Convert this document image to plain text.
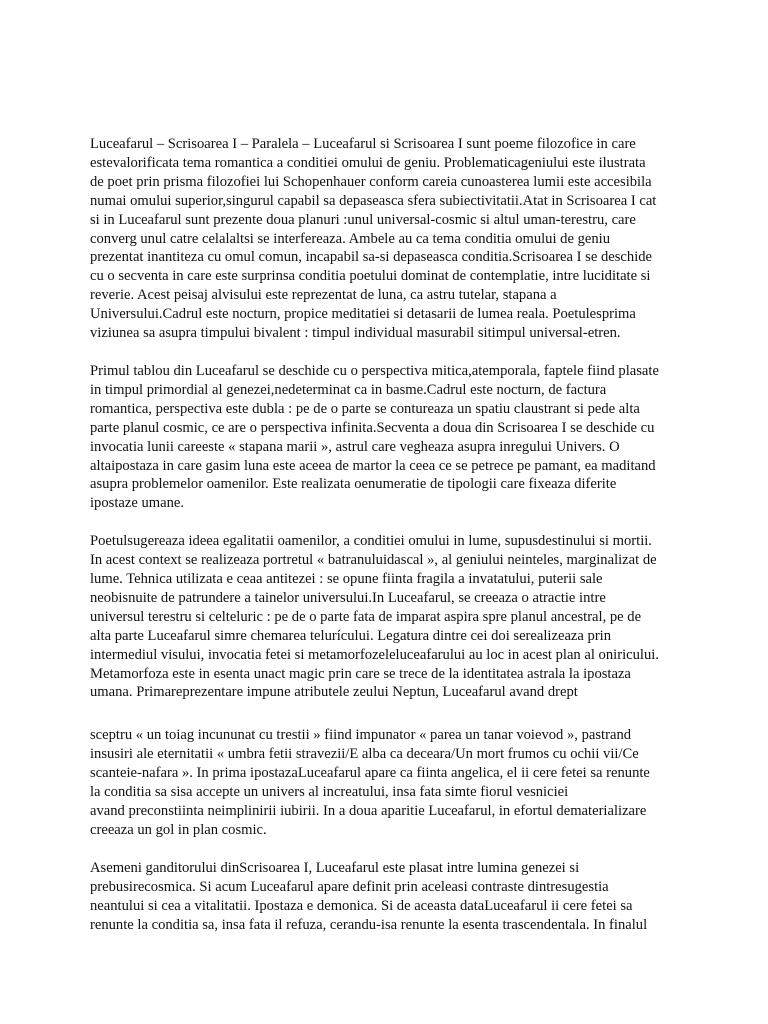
Luceafarul – Scrisoarea I – Paralela – Luceafarul si Scrisoarea I sunt poeme filozofice in care
estevalorificata tema romantica a conditiei omului de geniu. Problematicageniului este ilustrata
de poet prin prisma filozofiei lui Schopenhauer conform careia cunoasterea lumii este accesibila
numai omului superior,singurul capabil sa depaseasca sfera subiectivitatii.Atat in Scrisoarea I cat
si in Luceafarul sunt prezente doua planuri :unul universal-cosmic si altul uman-terestru, care
converg unul catre celalaltsi se interfereaza. Ambele au ca tema conditia omului de geniu
prezentat inantiteza cu omul comun, incapabil sa-si depaseasca conditia.Scrisoarea I se deschide
cu o secventa in care este surprinsa conditia poetului dominat de contemplatie, intre luciditate si
reverie. Acest peisaj alvisului este reprezentat de luna, ca astru tutelar, stapana a
Universului.Cadrul este nocturn, propice meditatiei si detasarii de lumea reala. Poetulesprima
viziunea sa asupra timpului bivalent : timpul individual masurabil sitimpul universal-etren.

Primul tablou din Luceafarul se deschide cu o perspectiva mitica,atemporala, faptele fiind plasate
in timpul primordial al genezei,nedeterminat ca in basme.Cadrul este nocturn, de factura
romantica, perspectiva este dubla : pe de o parte se contureaza un spatiu claustrant si pede alta
parte planul cosmic, ce are o perspectiva infinita.Secventa a doua din Scrisoarea I se deschide cu
invocatia lunii careeste « stapana marii », astrul care vegheaza asupra inregului Univers. O
altaipostaza in care gasim luna este aceea de martor la ceea ce se petrece pe pamant, ea maditand
asupra problemelor oamenilor. Este realizata oenumeratie de tipologii care fixeaza diferite
ipostaze umane.

Poetulsugereaza ideea egalitatii oamenilor, a conditiei omului in lume, supusdestinului si mortii.
In acest context se realizeaza portretul « batranuluidascal », al geniului neinteles, marginalizat de
lume. Tehnica utilizata e ceaa antitezei : se opune fiinta fragila a invatatului, puterii sale
neobisnuite de patrundere a tainelor universului.In Luceafarul, se creeaza o atractie intre
universul terestru si celteluric : pe de o parte fata de imparat aspira spre planul ancestral, pe de
alta parte Luceafarul simre chemarea telurícului. Legatura dintre cei doi serealizeaza prin
intermediul visului, invocatia fetei si metamorfozeleluceafarului au loc in acest plan al oniricului.
Metamorfoza este in esenta unact magic prin care se trece de la identitatea astrala la ipostaza
umana. Primareprezentare impune atributele zeului Neptun, Luceafarul avand drept

sceptru « un toiag incununat cu trestii » fiind impunator « parea un tanar voievod », pastrand
insusiri ale eternitatii « umbra fetii stravezii/E alba ca deceara/Un mort frumos cu ochii vii/Ce
scanteie-nafara ». In prima ipostazaLuceafarul apare ca fiinta angelica, el ii cere fetei sa renunte
la conditia sa sisa accepte un univers al increatului, insa fata simte fiorul vesniciei
avand preconstiinta neimplinirii iubirii. In a doua aparitie Luceafarul, in efortul dematerializare
creeaza un gol in plan cosmic.

Asemeni ganditorului dinScrisoarea I, Luceafarul este plasat intre lumina genezei si
prebusirecosmica. Si acum Luceafarul apare definit prin aceleasi contraste dintresugestia
neantului si cea a vitalitatii. Ipostaza e demonica. Si de aceasta dataLuceafarul ii cere fetei sa
renunte la conditia sa, insa fata il refuza, cerandu-isa renunte la esenta trascendentala. In finalul
